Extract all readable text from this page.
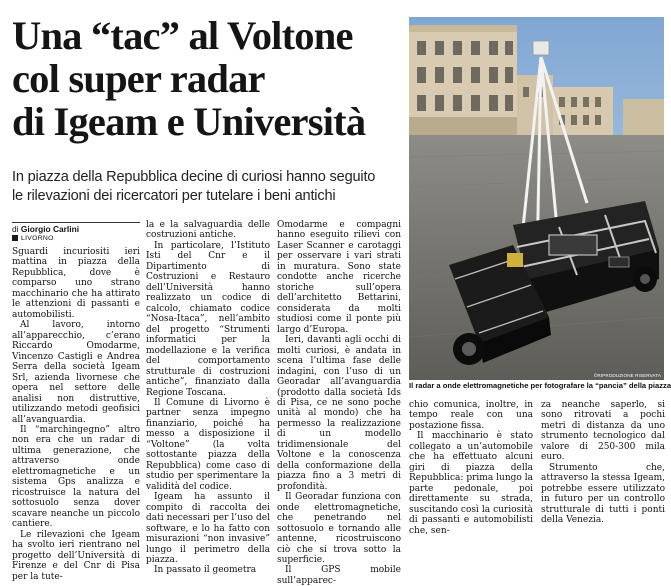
Una “tac” al Voltone
col super radar
di Igeam e Università
In piazza della Repubblica decine di curiosi hanno seguito
le rilevazioni dei ricercatori per tutelare i beni antichi
©RIPRODUZIONE RISERVATA
Il radar a onde elettromagnetiche per fotografare la “pancia” della piazza
di Giorgio Carlini
LIVORNO

Sguardi incuriositi ieri mattina in piazza della Repubblica, dove è comparso uno strano macchinario che ha attirato le attenzioni di passanti e automobilisti.

Al lavoro, intorno all’apparecchio, c’erano Riccardo Omodarme, Vincenzo Castigli e Andrea Serra della società Igeam Srl, azienda livornese che opera nel settore delle analisi non distruttive, utilizzando metodi geofisici all’avanguardia.

Il “marchingegno” altro non era che un radar di ultima generazione, che attraverso onde elettromagnetiche e un sistema Gps analizza e ricostruisce la natura del sottosuolo senza dover scavare neanche un piccolo cantiere.

Le rilevazioni che Igeam ha svolto ieri rientrano nel progetto dell’Università di Firenze e del Cnr di Pisa per la tute-

la e la salvaguardia delle costruzioni antiche.

In particolare, l’Istituto Isti del Cnr e il Dipartimento di Costruzioni e Restauro dell’Università hanno realizzato un codice di calcolo, chiamato codice “Nosa-Itaca”, nell’ambito del progetto “Strumenti informatici per la modellazione e la verifica del comportamento strutturale di costruzioni antiche”, finanziato dalla Regione Toscana.

Il Comune di Livorno è partner senza impegno finanziario, poiché ha messo a disposizione il “Voltone” (la volta sottostante piazza della Repubblica) come caso di studio per sperimentare la validità del codice.

Igeam ha assunto il compito di raccolta dei dati necessari per l’uso del software, e lo ha fatto con misurazioni “non invasive” lungo il perimetro della piazza.

In passato il geometra

Omodarme e compagni hanno eseguito rilievi con Laser Scanner e carotaggi per osservare i vari strati in muratura. Sono state condotte anche ricerche storiche sull’opera dell’architetto Bettarini, considerata da molti studiosi come il ponte più largo d’Europa.

Ieri, davanti agli occhi di molti curiosi, è andata in scena l’ultima fase delle indagini, con l’uso di un Georadar all’avanguardia (prodotto dalla società Ids di Pisa, ce ne sono poche unità al mondo) che ha permesso la realizzazione di un modello tridimensionale del Voltone e la conoscenza della conformazione della piazza fino a 3 metri di profondità.

Il Georadar funziona con onde elettromagnetiche, che penetrando nel sottosuolo e tornando alle antenne, ricostruiscono ciò che si trova sotto la superficie.

Il GPS mobile sull’apparec-

chio comunica, inoltre, in tempo reale con una postazione fissa.

Il macchinario è stato collegato a un’automobile che ha effettuato alcuni giri di piazza della Repubblica: prima lungo la parte pedonale, poi direttamente su strada, suscitando così la curiosità di passanti e automobilisti che, sen-

za neanche saperlo, si sono ritrovati a pochi metri di distanza da uno strumento tecnologico dal valore di 250-300 mila euro.

Strumento che, attraverso la stessa Igeam, potrebbe essere utilizzato in futuro per un controllo strutturale di tutti i ponti della Venezia.
